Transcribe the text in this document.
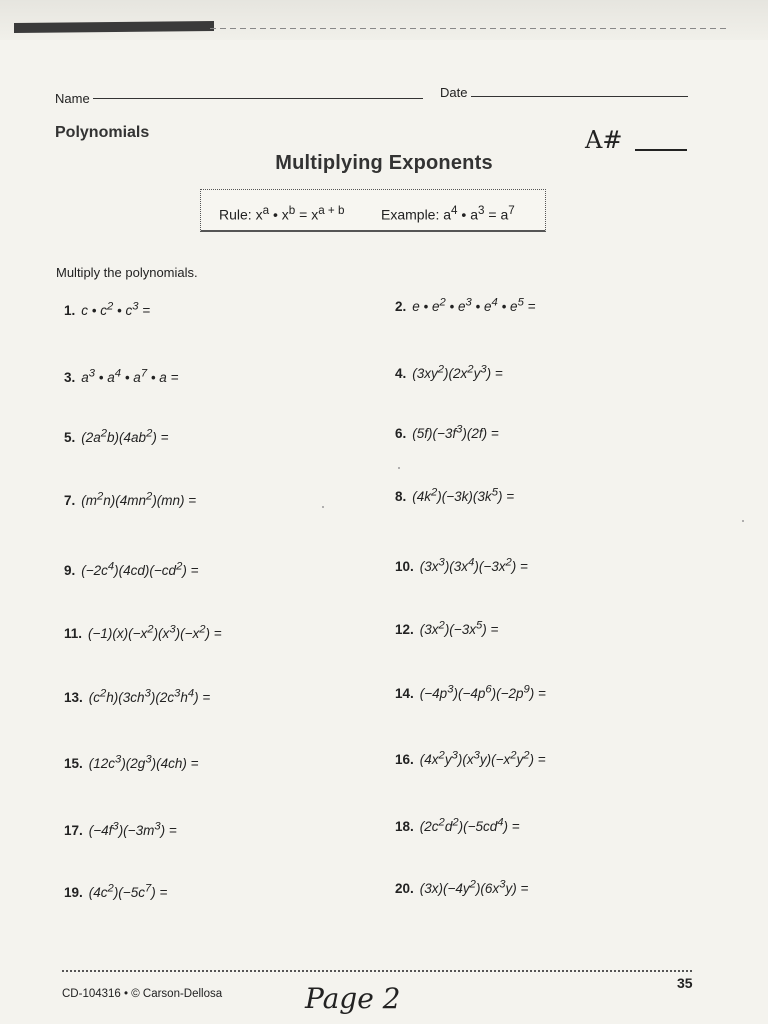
Name	Date
Polynomials	A#
Multiplying Exponents
Rule: $x^a$ • $x^b = x^{a + b}$	Example: $a^4$ • $a^3 = a^7$
Multiply the polynomials.
1. c • $c^2$ • $c^3$ =	2. e • $e^2$ • $e^3$ • $e^4$ • $e^5$ =
3. $a^3$ • $a^4$ • $a^7$ • a =	4. $(3xy^2)(2x^2y^3)$ =
5. $(2a^2b)(4ab^2)$ =	6. $(5f)(-3f^3)(2f)$ =
7. $(m^2n)(4mn^2)(mn)$ =	8. $(4k^2)(-3k)(3k^5)$ =
9. $(-2c^4)(4cd)(-cd^2)$ =	10. $(3x^3)(3x^4)(-3x^2)$ =
11. $(-1)(x)(-x^2)(x^3)(-x^2)$ =	12. $(3x^2)(-3x^5)$ =
13. $(c^2h)(3ch^3)(2c^3h^4)$ =	14. $(-4p^3)(-4p^6)(-2p^9)$ =
15. $(12c^3)(2g^3)(4ch)$ =	16. $(4x^2y^3)(x^3y)(-x^2y^2)$ =
17. $(-4f^3)(-3m^3)$ =	18. $(2c^2d^2)(-5cd^4)$ =
19. $(4c^2)(-5c^7)$ =	20. $(3x)(-4y^2)(6x^3y)$ =
35
CD-104316 • © Carson-Dellosa	Page 2
